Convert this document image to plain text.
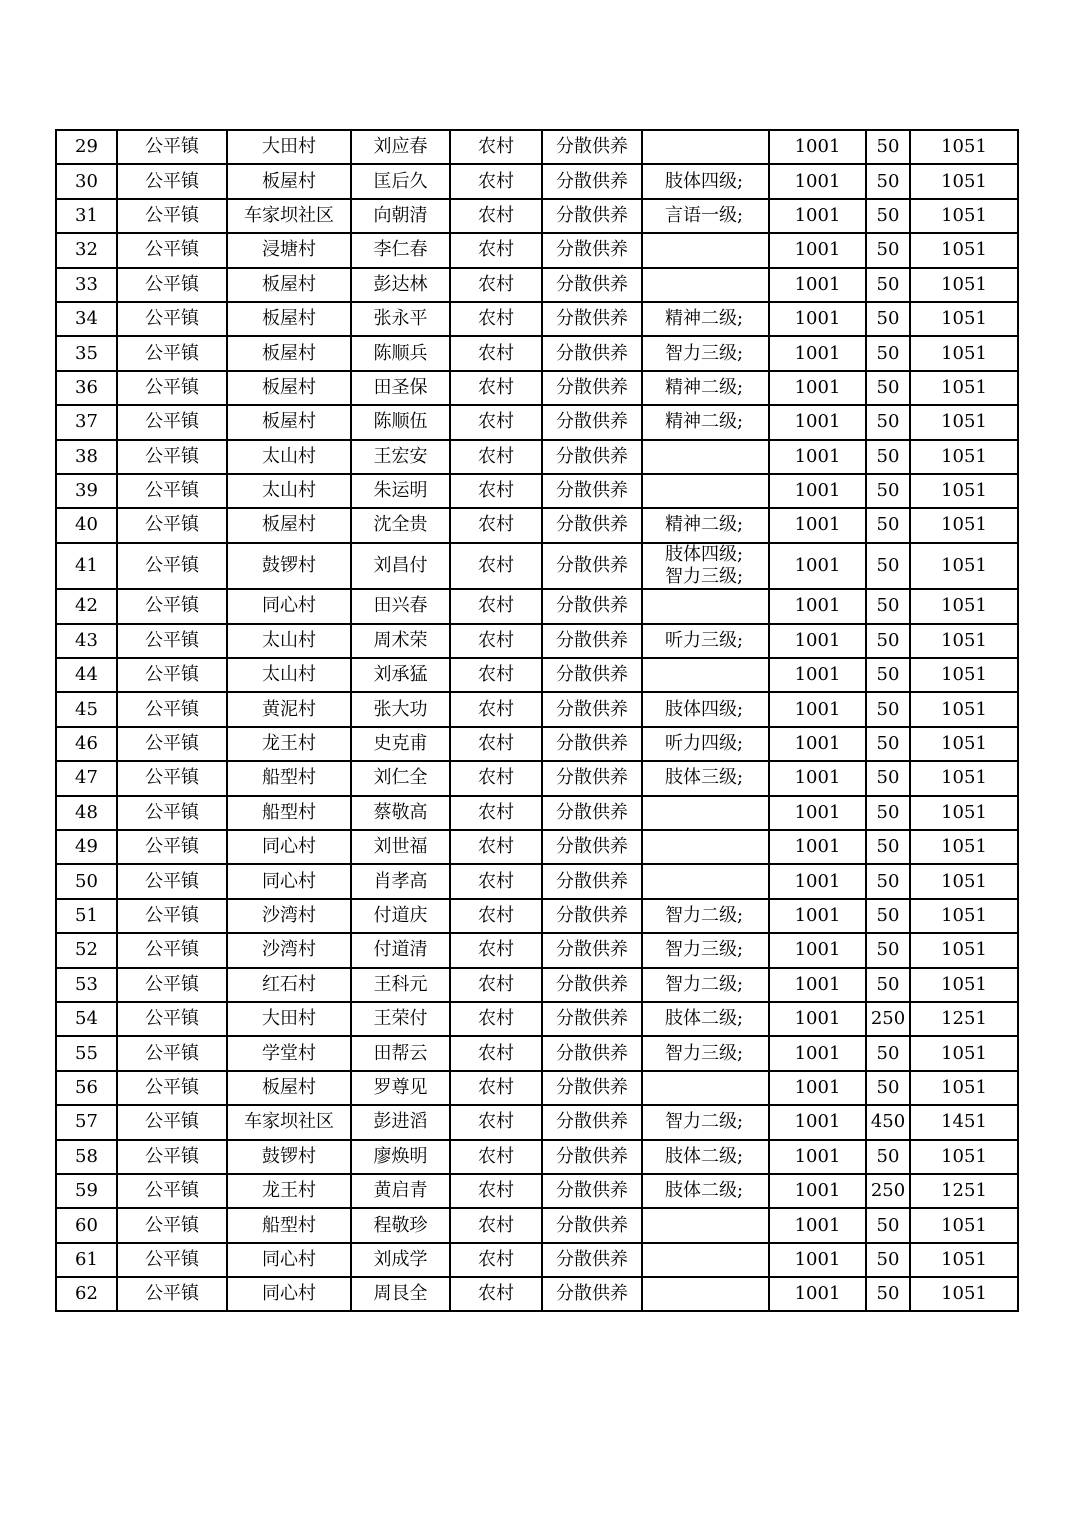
29	公平镇	大田村	刘应春	农村	分散供养		1001	50	1051
30	公平镇	板屋村	匡后久	农村	分散供养	肢体四级;	1001	50	1051
31	公平镇	车家坝社区	向朝清	农村	分散供养	言语一级;	1001	50	1051
32	公平镇	浸塘村	李仁春	农村	分散供养		1001	50	1051
33	公平镇	板屋村	彭达林	农村	分散供养		1001	50	1051
34	公平镇	板屋村	张永平	农村	分散供养	精神二级;	1001	50	1051
35	公平镇	板屋村	陈顺兵	农村	分散供养	智力三级;	1001	50	1051
36	公平镇	板屋村	田圣保	农村	分散供养	精神二级;	1001	50	1051
37	公平镇	板屋村	陈顺伍	农村	分散供养	精神二级;	1001	50	1051
38	公平镇	太山村	王宏安	农村	分散供养		1001	50	1051
39	公平镇	太山村	朱运明	农村	分散供养		1001	50	1051
40	公平镇	板屋村	沈全贵	农村	分散供养	精神二级;	1001	50	1051
41	公平镇	鼓锣村	刘昌付	农村	分散供养	肢体四级;
智力三级;	1001	50	1051
42	公平镇	同心村	田兴春	农村	分散供养		1001	50	1051
43	公平镇	太山村	周术荣	农村	分散供养	听力三级;	1001	50	1051
44	公平镇	太山村	刘承猛	农村	分散供养		1001	50	1051
45	公平镇	黄泥村	张大功	农村	分散供养	肢体四级;	1001	50	1051
46	公平镇	龙王村	史克甫	农村	分散供养	听力四级;	1001	50	1051
47	公平镇	船型村	刘仁全	农村	分散供养	肢体三级;	1001	50	1051
48	公平镇	船型村	蔡敬高	农村	分散供养		1001	50	1051
49	公平镇	同心村	刘世福	农村	分散供养		1001	50	1051
50	公平镇	同心村	肖孝高	农村	分散供养		1001	50	1051
51	公平镇	沙湾村	付道庆	农村	分散供养	智力二级;	1001	50	1051
52	公平镇	沙湾村	付道清	农村	分散供养	智力三级;	1001	50	1051
53	公平镇	红石村	王科元	农村	分散供养	智力二级;	1001	50	1051
54	公平镇	大田村	王荣付	农村	分散供养	肢体二级;	1001	250	1251
55	公平镇	学堂村	田帮云	农村	分散供养	智力三级;	1001	50	1051
56	公平镇	板屋村	罗尊见	农村	分散供养		1001	50	1051
57	公平镇	车家坝社区	彭进滔	农村	分散供养	智力二级;	1001	450	1451
58	公平镇	鼓锣村	廖焕明	农村	分散供养	肢体二级;	1001	50	1051
59	公平镇	龙王村	黄启青	农村	分散供养	肢体二级;	1001	250	1251
60	公平镇	船型村	程敬珍	农村	分散供养		1001	50	1051
61	公平镇	同心村	刘成学	农村	分散供养		1001	50	1051
62	公平镇	同心村	周艮全	农村	分散供养		1001	50	1051
